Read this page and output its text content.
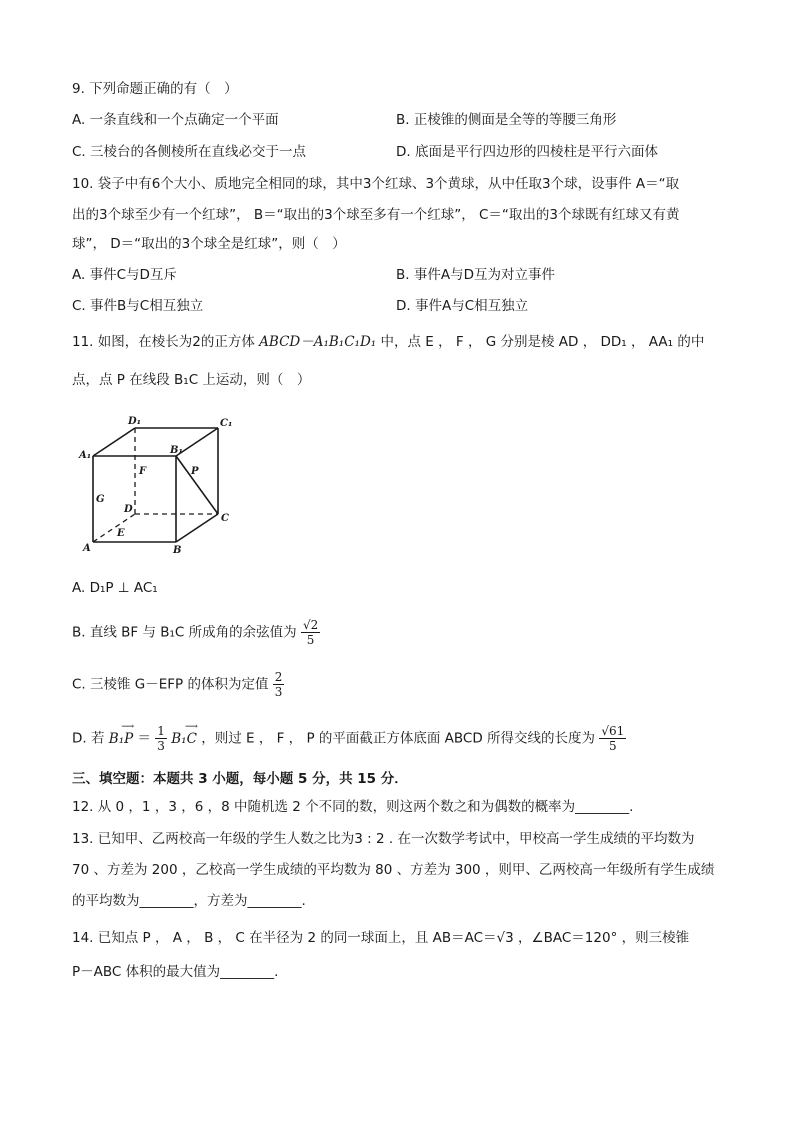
9. 下列命题正确的有（　）
A. 一条直线和一个点确定一个平面	B. 正棱锥的侧面是全等的等腰三角形
C. 三棱台的各侧棱所在直线必交于一点	D. 底面是平行四边形的四棱柱是平行六面体
10. 袋子中有6个大小、质地完全相同的球，其中3个红球、3个黄球，从中任取3个球，设事件 A＝“取
出的3个球至少有一个红球”， B＝“取出的3个球至多有一个红球”， C＝“取出的3个球既有红球又有黄
球”， D＝“取出的3个球全是红球”，则（　）
A. 事件C与D互斥	B. 事件A与D互为对立事件
C. 事件B与C相互独立	D. 事件A与C相互独立
11. 如图，在棱长为2的正方体 ABCD－A₁B₁C₁D₁ 中，点 E ， F ， G 分别是棱 AD ， DD₁ ， AA₁ 的中
点，点 P 在线段 B₁C 上运动，则（　）
D₁	C₁
A₁	B₁
F	P
G
D
C
A
E
B
A. D₁P ⊥ AC₁
B. 直线 BF 与 B₁C 所成角的余弦值为 $\frac{√2}{5}$
C. 三棱锥 G－EFP 的体积为定值 $\frac{2}{3}$
D. 若
⟶
$B_1P = \frac{1}{3}$
	⟶
B₁C ，则过 E ， F ， P 的平面截正方体底面 ABCD 所得交线的长度为 $\frac{√61}{5}$
三、填空题：本题共 3 小题，每小题 5 分，共 15 分．
12. 从 0 ，1 ，3 ，6 ，8 中随机选 2 个不同的数，则这两个数之和为偶数的概率为________.
13. 已知甲、乙两校高一年级的学生人数之比为3 : 2 . 在一次数学考试中，甲校高一学生成绩的平均数为
70 、方差为 200 ，乙校高一学生成绩的平均数为 80 、方差为 300 ，则甲、乙两校高一年级所有学生成绩
的平均数为________，方差为________.
14. 已知点 P ， A ， B ， C 在半径为 2 的同一球面上，且 AB＝AC＝√3 ，∠BAC＝120° ，则三棱锥
P－ABC 体积的最大值为________.
